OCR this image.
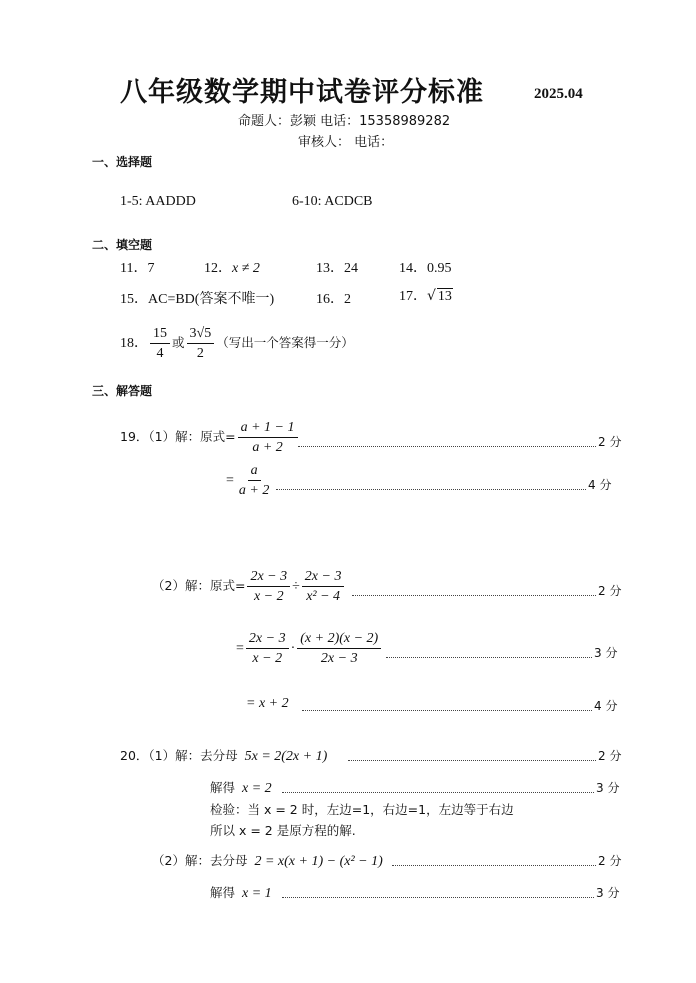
八年级数学期中试卷评分标准	2025.04
命题人：彭颖 电话：15358989282
审核人： 电话：
一、选择题
1-5: AADDD	6-10: ACDCB
二、填空题
11．7	12．x ≠ 2	13．24	14．0.95
15．AC=BD(答案不唯一)	16．2	17．√ 13
18． $\frac{15}{4}$ 或 $\frac{3√5}{2}$ （写出一个答案得一分）
三、解答题
19．（1）解：原式= $\frac{a + 1 - 1}{a + 2}$	2 分
= $\frac{a}{a + 2}$	4 分
（2）解：原式= $\frac{2x - 3}{x - 2} \div \frac{2x - 3}{\text{x² − 4}}$	2 分
= $\frac{2x - 3}{x - 2} \cdot \frac{(x + 2)(x - 2)}{2x - 3}$	3 分
= x + 2	4 分
20．（1）解：去分母 5x = 2(2x + 1)	2 分
解得 x = 2	3 分
检验：当 x = 2 时，左边=1，右边=1，左边等于右边
所以 x = 2 是原方程的解.
（2）解：去分母 2 = x(x + 1) − (x² − 1)	2 分
解得 x = 1	3 分
